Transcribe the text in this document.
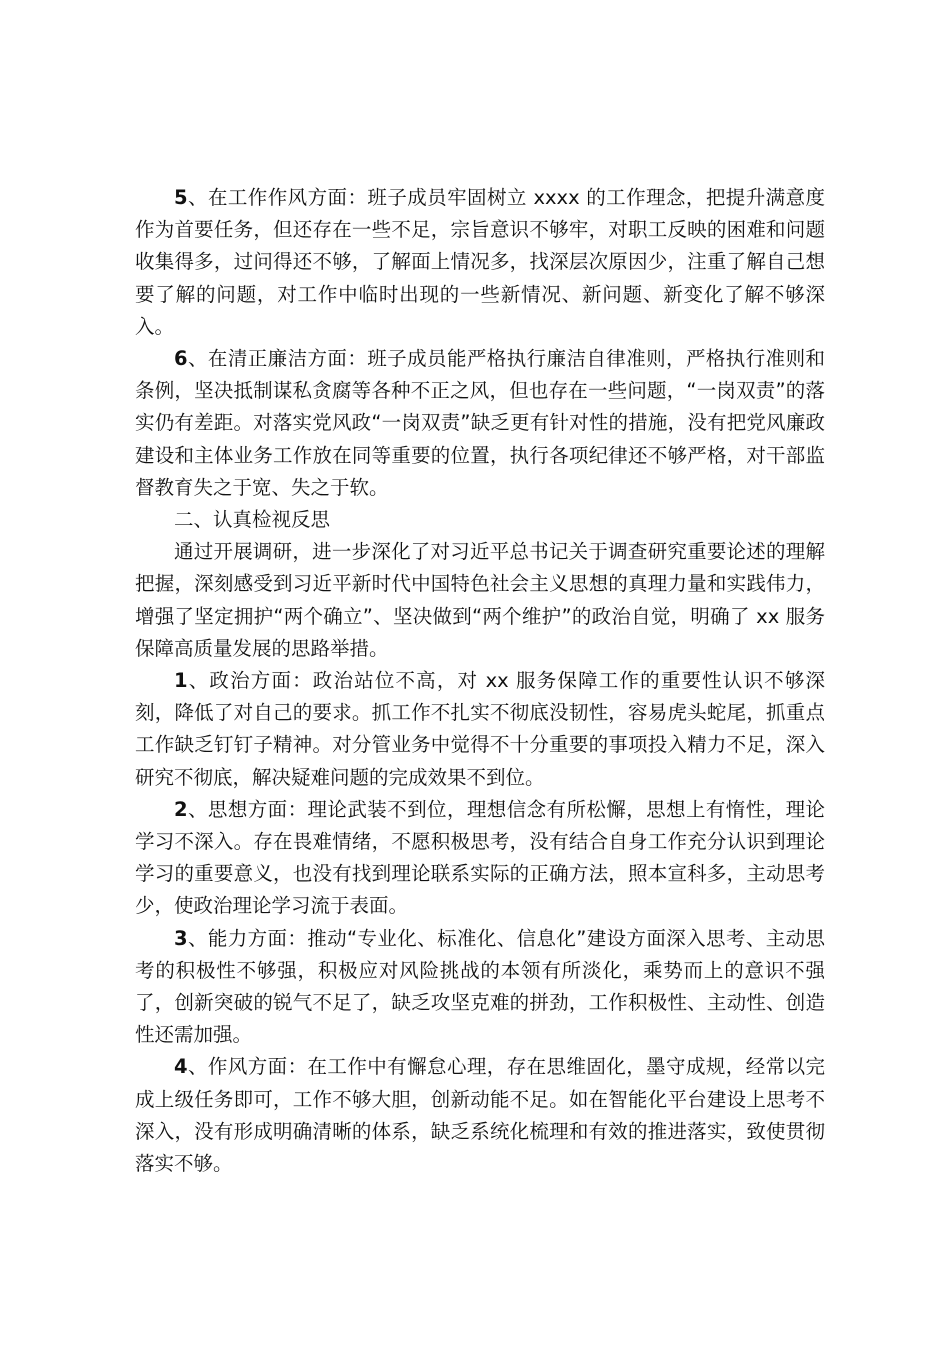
5、在工作作风方面：班子成员牢固树立 xxxx 的工作理念，把提升满意度作为首要任务，但还存在一些不足，宗旨意识不够牢，对职工反映的困难和问题收集得多，过问得还不够，了解面上情况多，找深层次原因少，注重了解自己想要了解的问题，对工作中临时出现的一些新情况、新问题、新变化了解不够深入。

6、在清正廉洁方面：班子成员能严格执行廉洁自律准则，严格执行准则和条例，坚决抵制谋私贪腐等各种不正之风，但也存在一些问题，“一岗双责”的落实仍有差距。对落实党风政“一岗双责”缺乏更有针对性的措施，没有把党风廉政建设和主体业务工作放在同等重要的位置，执行各项纪律还不够严格，对干部监督教育失之于宽、失之于软。

二、认真检视反思

通过开展调研，进一步深化了对习近平总书记关于调查研究重要论述的理解把握，深刻感受到习近平新时代中国特色社会主义思想的真理力量和实践伟力，增强了坚定拥护“两个确立”、坚决做到“两个维护”的政治自觉，明确了 xx 服务保障高质量发展的思路举措。

1、政治方面：政治站位不高，对 xx 服务保障工作的重要性认识不够深刻，降低了对自己的要求。抓工作不扎实不彻底没韧性，容易虎头蛇尾，抓重点工作缺乏钉钉子精神。对分管业务中觉得不十分重要的事项投入精力不足，深入研究不彻底，解决疑难问题的完成效果不到位。

2、思想方面：理论武装不到位，理想信念有所松懈，思想上有惰性，理论学习不深入。存在畏难情绪，不愿积极思考，没有结合自身工作充分认识到理论学习的重要意义，也没有找到理论联系实际的正确方法，照本宣科多，主动思考少，使政治理论学习流于表面。

3、能力方面：推动“专业化、标准化、信息化”建设方面深入思考、主动思考的积极性不够强，积极应对风险挑战的本领有所淡化，乘势而上的意识不强了，创新突破的锐气不足了，缺乏攻坚克难的拼劲，工作积极性、主动性、创造性还需加强。

4、作风方面：在工作中有懈怠心理，存在思维固化，墨守成规，经常以完成上级任务即可，工作不够大胆，创新动能不足。如在智能化平台建设上思考不深入，没有形成明确清晰的体系，缺乏系统化梳理和有效的推进落实，致使贯彻落实不够。
